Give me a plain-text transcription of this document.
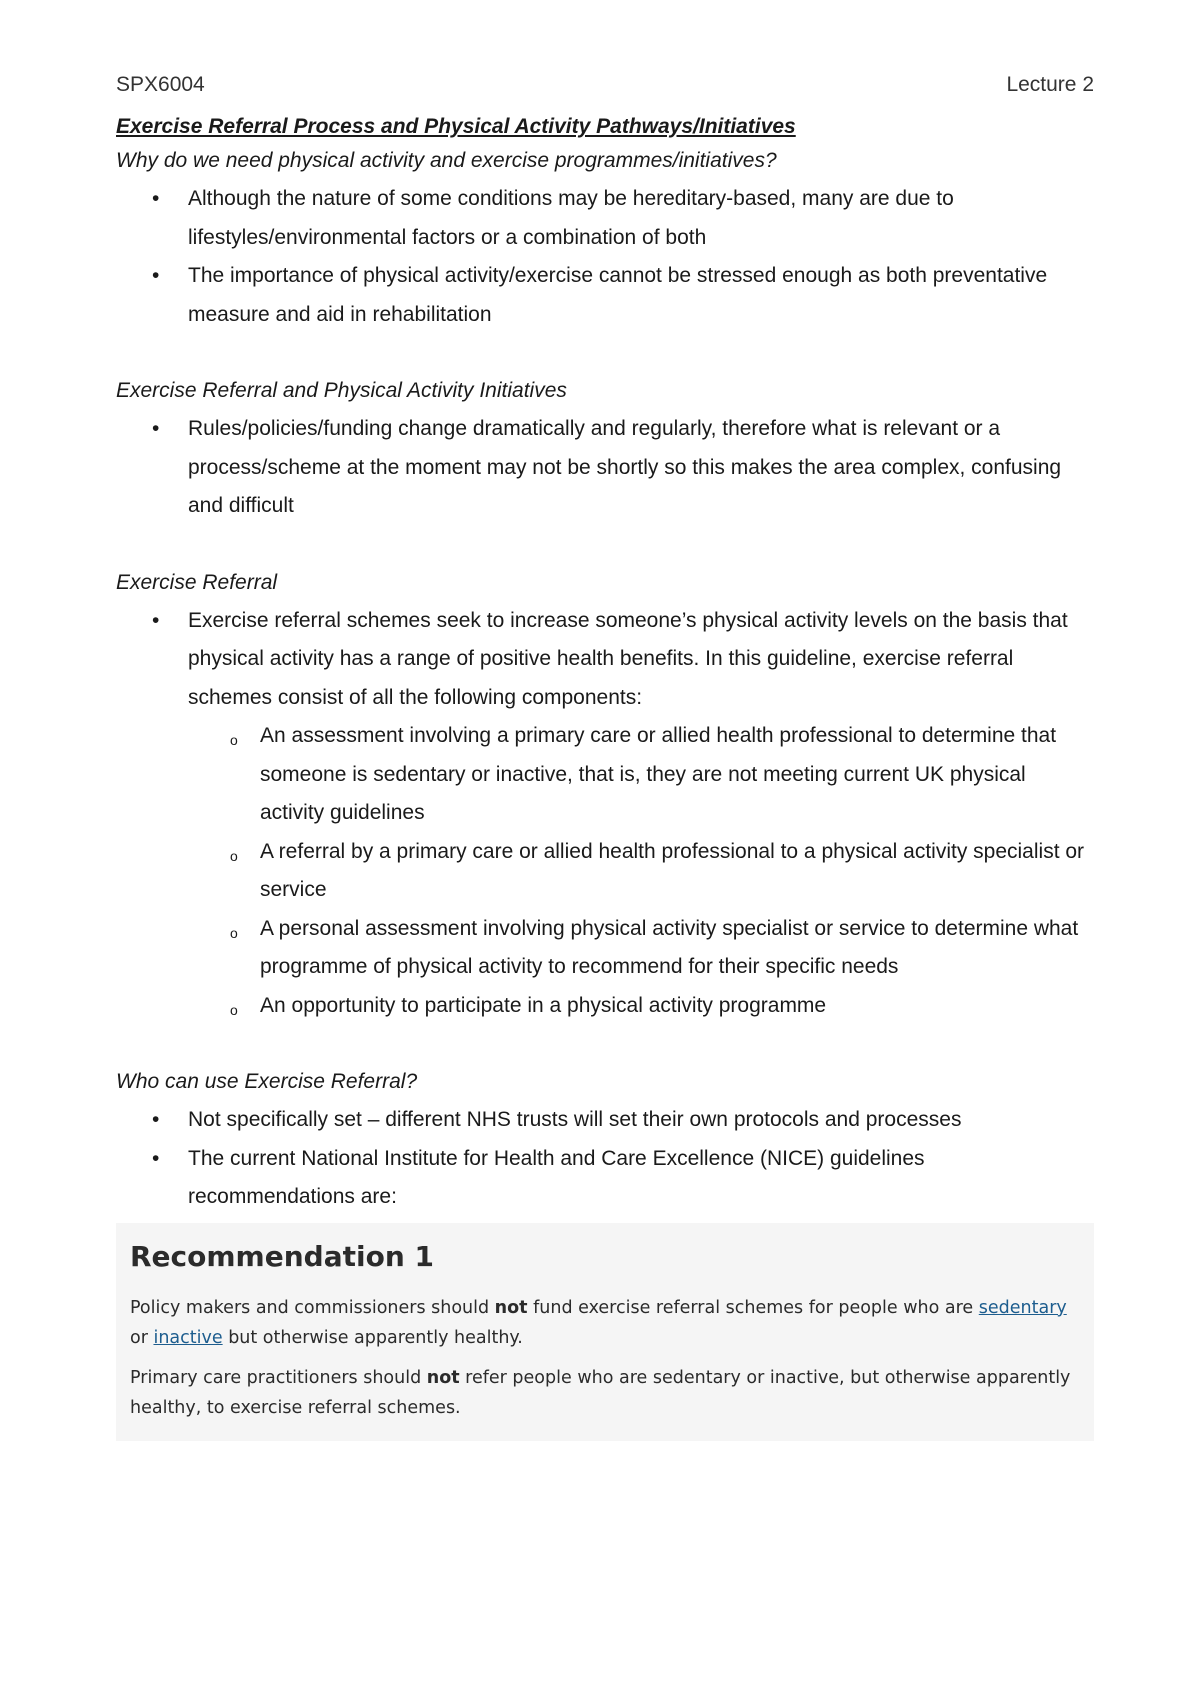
SPX6004	Lecture 2
Exercise Referral Process and Physical Activity Pathways/Initiatives
Why do we need physical activity and exercise programmes/initiatives?
• Although the nature of some conditions may be hereditary-based, many are due to lifestyles/environmental factors or a combination of both
• The importance of physical activity/exercise cannot be stressed enough as both preventative measure and aid in rehabilitation
Exercise Referral and Physical Activity Initiatives
• Rules/policies/funding change dramatically and regularly, therefore what is relevant or a process/scheme at the moment may not be shortly so this makes the area complex, confusing and difficult
Exercise Referral
• Exercise referral schemes seek to increase someone’s physical activity levels on the basis that physical activity has a range of positive health benefits. In this guideline, exercise referral schemes consist of all the following components:
o An assessment involving a primary care or allied health professional to determine that someone is sedentary or inactive, that is, they are not meeting current UK physical activity guidelines
o A referral by a primary care or allied health professional to a physical activity specialist or service
o A personal assessment involving physical activity specialist or service to determine what programme of physical activity to recommend for their specific needs
o An opportunity to participate in a physical activity programme
Who can use Exercise Referral?
• Not specifically set – different NHS trusts will set their own protocols and processes
• The current National Institute for Health and Care Excellence (NICE) guidelines recommendations are:
Recommendation 1

Policy makers and commissioners should not fund exercise referral schemes for people who are sedentary or inactive but otherwise apparently healthy.

Primary care practitioners should not refer people who are sedentary or inactive, but otherwise apparently healthy, to exercise referral schemes.
